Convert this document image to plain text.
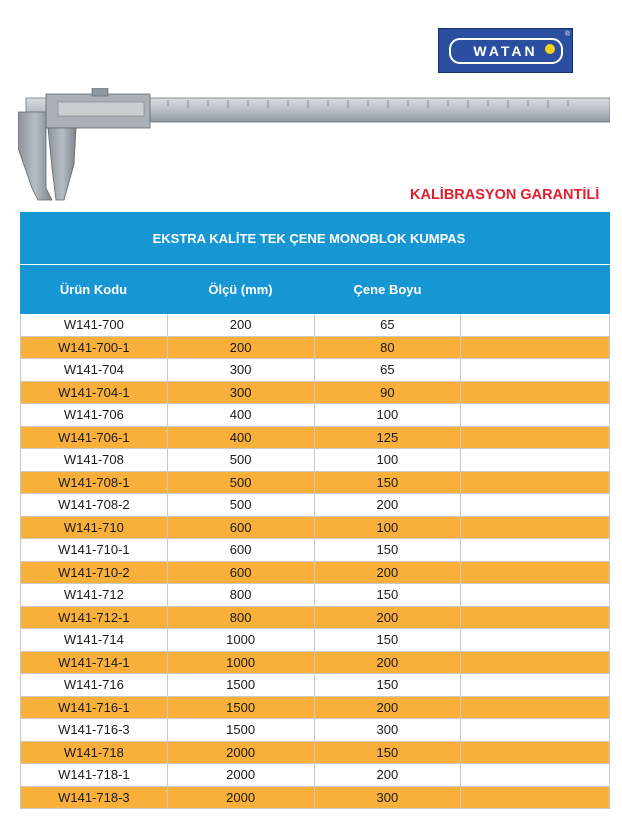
WATAN
®
KALİBRASYON GARANTİLİ
EKSTRA KALİTE TEK ÇENE MONOBLOK KUMPAS
Ürün Kodu	Ölçü (mm)	Çene Boyu
W141-700	200	65
W141-700-1	200	80
W141-704	300	65
W141-704-1	300	90
W141-706	400	100
W141-706-1	400	125
W141-708	500	100
W141-708-1	500	150
W141-708-2	500	200
W141-710	600	100
W141-710-1	600	150
W141-710-2	600	200
W141-712	800	150
W141-712-1	800	200
W141-714	1000	150
W141-714-1	1000	200
W141-716	1500	150
W141-716-1	1500	200
W141-716-3	1500	300
W141-718	2000	150
W141-718-1	2000	200
W141-718-3	2000	300
